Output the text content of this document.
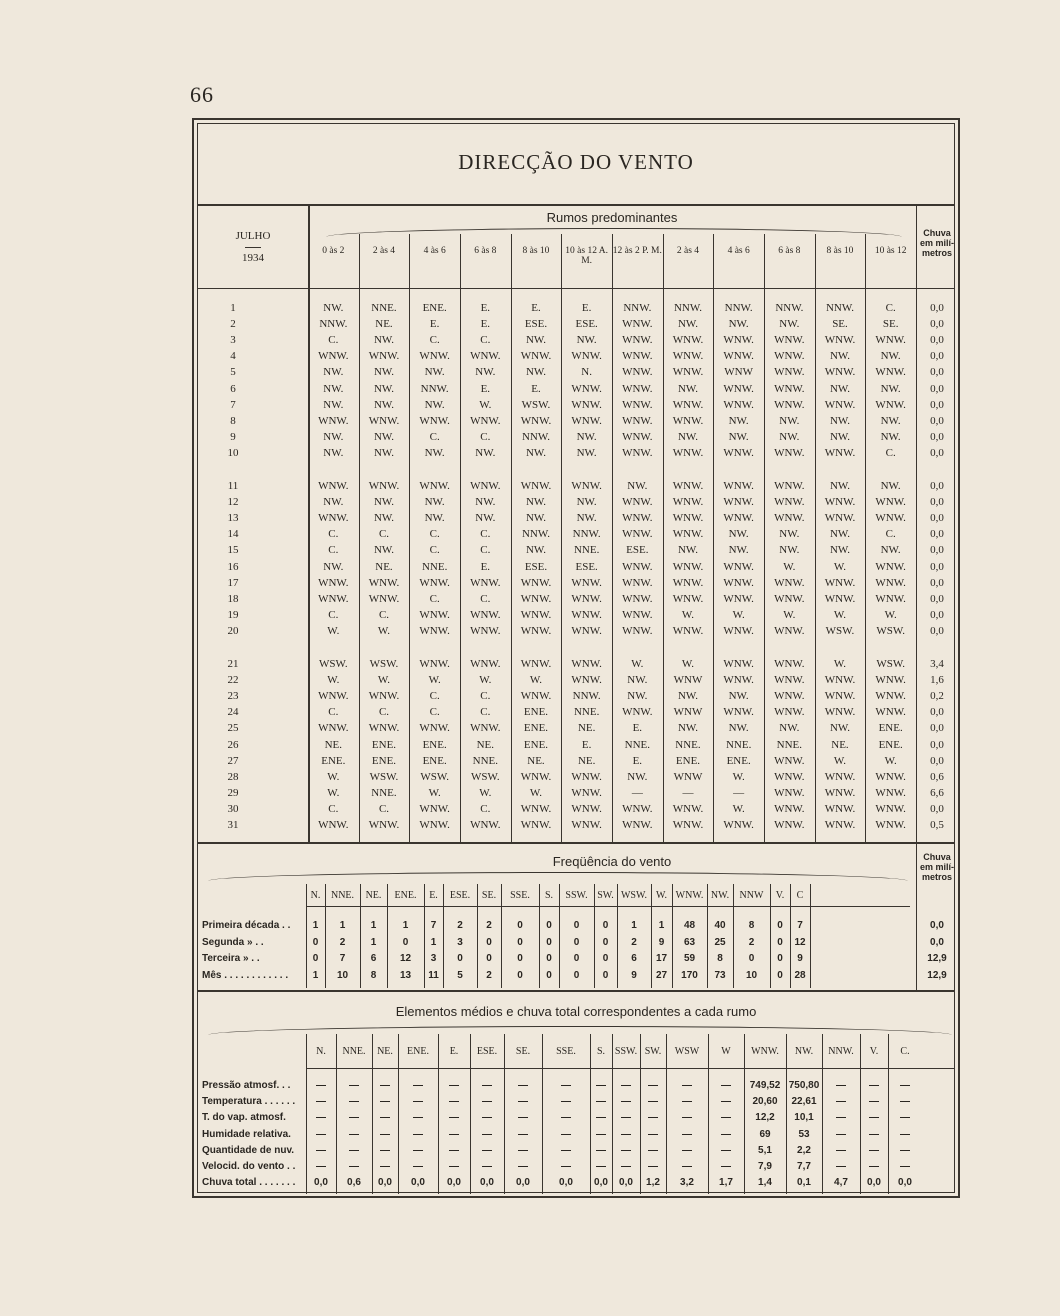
66
DIRECÇÃO DO VENTO
JULHO
1934
Rumos predominantes
Chuva em milí- metros
0 às 2	2 às 4	4 às 6	6 às 8	8 às 10	10 às 12 A. M.
12 às 2 P. M.	2 às 4	4 às 6	6 às 8	8 às 10	10 às 12
1	NW.	NNE.	ENE.	E.	E.	E.	NNW.	NNW.	NNW.	NNW.	NNW.	C.	0,0
2	NNW.	NE.	E.	E.	ESE.	ESE.	WNW.	NW.	NW.	NW.	SE.	SE.	0,0
3	C.	NW.	C.	C.	NW.	NW.	WNW.	WNW.	WNW.	WNW.	WNW.	WNW.	0,0
4	WNW.	WNW.	WNW.	WNW.	WNW.	WNW.	WNW.	WNW.	WNW.	WNW.	NW.	NW.	0,0
5	NW.	NW.	NW.	NW.	NW.	N.	WNW.	WNW.	WNW	WNW.	WNW.	WNW.	0,0
6	NW.	NW.	NNW.	E.	E.	WNW.	WNW.	NW.	WNW.	WNW.	NW.	NW.	0,0
7	NW.	NW.	NW.	W.	WSW.	WNW.	WNW.	WNW.	WNW.	WNW.	WNW.	WNW.	0,0
8	WNW.	WNW.	WNW.	WNW.	WNW.	WNW.	WNW.	WNW.	NW.	NW.	NW.	NW.	0,0
9	NW.	NW.	C.	C.	NNW.	NW.	WNW.	NW.	NW.	NW.	NW.	NW.	0,0
10	NW.	NW.	NW.	NW.	NW.	NW.	WNW.	WNW.	WNW.	WNW.	WNW.	C.	0,0
11	WNW.	WNW.	WNW.	WNW.	WNW.	WNW.	NW.	WNW.	WNW.	WNW.	NW.	NW.	0,0
12	NW.	NW.	NW.	NW.	NW.	NW.	WNW.	WNW.	WNW.	WNW.	WNW.	WNW.	0,0
13	WNW.	NW.	NW.	NW.	NW.	NW.	WNW.	WNW.	WNW.	WNW.	WNW.	WNW.	0,0
14	C.	C.	C.	C.	NNW.	NNW.	WNW.	WNW.	NW.	NW.	NW.	C.	0,0
15	C.	NW.	C.	C.	NW.	NNE.	ESE.	NW.	NW.	NW.	NW.	NW.	0,0
16	NW.	NE.	NNE.	E.	ESE.	ESE.	WNW.	WNW.	WNW.	W.	W.	WNW.	0,0
17	WNW.	WNW.	WNW.	WNW.	WNW.	WNW.	WNW.	WNW.	WNW.	WNW.	WNW.	WNW.	0,0
18	WNW.	WNW.	C.	C.	WNW.	WNW.	WNW.	WNW.	WNW.	WNW.	WNW.	WNW.	0,0
19	C.	C.	WNW.	WNW.	WNW.	WNW.	WNW.	W.	W.	W.	W.	W.	0,0
20	W.	W.	WNW.	WNW.	WNW.	WNW.	WNW.	WNW.	WNW.	WNW.	WSW.	WSW.	0,0
21	WSW.	WSW.	WNW.	WNW.	WNW.	WNW.	W.	W.	WNW.	WNW.	W.	WSW.	3,4
22	W.	W.	W.	W.	W.	WNW.	NW.	WNW	WNW.	WNW.	WNW.	WNW.	1,6
23	WNW.	WNW.	C.	C.	WNW.	NNW.	NW.	NW.	NW.	WNW.	WNW.	WNW.	0,2
24	C.	C.	C.	C.	ENE.	NNE.	WNW.	WNW	WNW.	WNW.	WNW.	WNW.	0,0
25	WNW.	WNW.	WNW.	WNW.	ENE.	NE.	E.	NW.	NW.	NW.	NW.	ENE.	0,0
26	NE.	ENE.	ENE.	NE.	ENE.	E.	NNE.	NNE.	NNE.	NNE.	NE.	ENE.	0,0
27	ENE.	ENE.	ENE.	NNE.	NE.	NE.	E.	ENE.	ENE.	WNW.	W.	W.	0,0
28	W.	WSW.	WSW.	WSW.	WNW.	WNW.	NW.	WNW	W.	WNW.	WNW.	WNW.	0,6
29	W.	NNE.	W.	W.	W.	WNW.	—	—	—	WNW.	WNW.	WNW.	6,6
30	C.	C.	WNW.	C.	WNW.	WNW.	WNW.	WNW.	W.	WNW.	WNW.	WNW.	0,0
31	WNW.	WNW.	WNW.	WNW.	WNW.	WNW.	WNW.	WNW.	WNW.	WNW.	WNW.	WNW.	0,5
Freqüência do vento	Chuva em milí- metros
N.	NNE.	NE.	ENE.	E.	ESE.	SE.	SSE.	S.	SSW. SW. WSW. W. WNW. NW.	NNW	V.	C
Primeira década . .	1	1	1	1	7	2	2	0	0	0	0	1	1	48	40	8	0	7	0,0
Segunda » . .	0	2	1	0	1	3	0	0	0	0	0	2	9	63	25	2	0	12	0,0
Terceira » . .	0	7	6	12	3	0	0	0	0	0	0	6	17	59	8	0	0	9	12,9
Mês . . . . . . . . . . . .	1	10	8	13	11	5	2	0	0	0	0	9	27	170	73	10	0	28	12,9
Elementos médios e chuva total correspondentes a cada rumo
N.	NNE.	NE.	ENE.	E.	ESE.	SE.	SSE.	S. SSW. SW.	WSW	W	WNW.	NW.	NNW.	V.	C.
Pressão atmosf. . .	—	—	—	—	—	—	—	—	—	—	—	—	—	749,52 750,80	—	—	—
Temperatura . . . . . .	—	—	—	—	—	—	—	—	—	—	—	—	—	20,60	22,61	—	—	—
T. do vap. atmosf.	—	—	—	—	—	—	—	—	—	—	—	—	—	12,2	10,1	—	—	—
Humidade relativa.	—	—	—	—	—	—	—	—	—	—	—	—	—	69	53	—	—	—
Quantidade de nuv.	—	—	—	—	—	—	—	—	—	—	—	—	—	5,1	2,2	—	—	—
Velocid. do vento . .	—	—	—	—	—	—	—	—	—	—	—	—	—	7,9	7,7	—	—	—
Chuva total . . . . . . .	0,0	0,6	0,0	0,0	0,0	0,0	0,0	0,0	0,0	0,0	1,2	3,2	1,7	1,4	0,1	4,7	0,0	0,0
